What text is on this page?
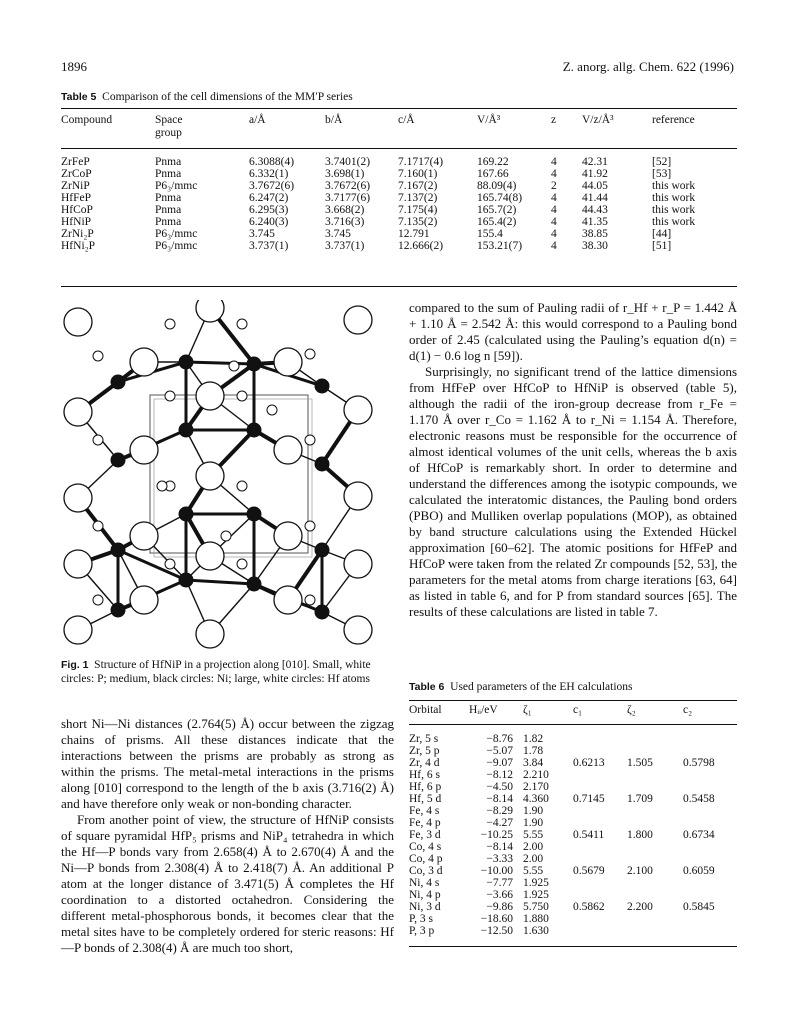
1896	Z. anorg. allg. Chem. 622 (1996)
Table 5 Comparison of the cell dimensions of the MM′P series
Compound	Space group	a/Å	b/Å	c/Å	V/Å³	z	V/z/Å³	reference

ZrFeP	Pnma	6.3088(4)	3.7401(2)	7.1717(4)	169.22	4	42.31	[52]
ZrCoP	Pnma	6.332(1)	3.698(1)	7.160(1)	167.66	4	41.92	[53]
ZrNiP	P6₃/mmc	3.7672(6)	3.7672(6)	7.167(2)	88.09(4)	2	44.05	this work
HfFeP	Pnma	6.247(2)	3.7177(6)	7.137(2)	165.74(8)	4	41.44	this work
HfCoP	Pnma	6.295(3)	3.668(2)	7.175(4)	165.7(2)	4	44.43	this work
HfNiP	Pnma	6.240(3)	3.716(3)	7.135(2)	165.4(2)	4	41.35	this work
ZrNi₂P	P6₃/mmc	3.745	3.745	12.791	155.4	4	38.85	[44]
HfNi₂P	P6₃/mmc	3.737(1)	3.737(1)	12.666(2)	153.21(7)	4	38.30	[51]
Fig. 1 Structure of HfNiP in a projection along [010]. Small, white circles: P; medium, black circles: Ni; large, white circles: Hf atoms

short Ni—Ni distances (2.764(5) Å) occur between the zigzag chains of prisms. All these distances indicate that the interactions between the prisms are probably as strong as within the prisms. The metal-metal interactions in the prisms along [010] correspond to the length of the b axis (3.716(2) Å) and have therefore only weak or non-bonding character.

From another point of view, the structure of HfNiP consists of square pyramidal HfP₅ prisms and NiP₄ tetrahedra in which the Hf—P bonds vary from 2.658(4) Å to 2.670(4) Å and the Ni—P bonds from 2.308(4) Å to 2.418(7) Å. An additional P atom at the longer distance of 3.471(5) Å completes the Hf coordination to a distorted octahedron. Considering the different metal-phosphorous bonds, it becomes clear that the metal sites have to be completely ordered for steric reasons: Hf—P bonds of 2.308(4) Å are much too short,

compared to the sum of Pauling radii of r_Hf + r_P = 1.442 Å + 1.10 Å = 2.542 Å: this would correspond to a Pauling bond order of 2.45 (calculated using the Pauling’s equation d(n) = d(1) − 0.6 log n [59]).

Surprisingly, no significant trend of the lattice dimensions from HfFeP over HfCoP to HfNiP is observed (table 5), although the radii of the iron-group decrease from r_Fe = 1.170 Å over r_Co = 1.162 Å to r_Ni = 1.154 Å. Therefore, electronic reasons must be responsible for the occurrence of almost identical volumes of the unit cells, whereas the b axis of HfCoP is remarkably short. In order to determine and understand the differences among the isotypic compounds, we calculated the interatomic distances, the Pauling bond orders (PBO) and Mulliken overlap populations (MOP), as obtained by band structure calculations using the Extended Hückel approximation [60–62]. The atomic positions for HfFeP and HfCoP were taken from the related Zr compounds [52, 53], the parameters for the metal atoms from charge iterations [63, 64] as listed in table 6, and for P from standard sources [65]. The results of these calculations are listed in table 7.

Table 6 Used parameters of the EH calculations
Orbital	Hᵢᵢ/eV	ζ₁	c₁	ζ₂	c₂

Zr, 5 s	−8.76	1.82			
Zr, 5 p	−5.07	1.78			
Zr, 4 d	−9.07	3.84	0.6213	1.505	0.5798
Hf, 6 s	−8.12	2.210			
Hf, 6 p	−4.50	2.170			
Hf, 5 d	−8.14	4.360	0.7145	1.709	0.5458
Fe, 4 s	−8.29	1.90			
Fe, 4 p	−4.27	1.90			
Fe, 3 d	−10.25	5.55	0.5411	1.800	0.6734
Co, 4 s	−8.14	2.00			
Co, 4 p	−3.33	2.00			
Co, 3 d	−10.00	5.55	0.5679	2.100	0.6059
Ni, 4 s	−7.77	1.925			
Ni, 4 p	−3.66	1.925			
Ni, 3 d	−9.86	5.750	0.5862	2.200	0.5845
P, 3 s	−18.60	1.880			
P, 3 p	−12.50	1.630			
